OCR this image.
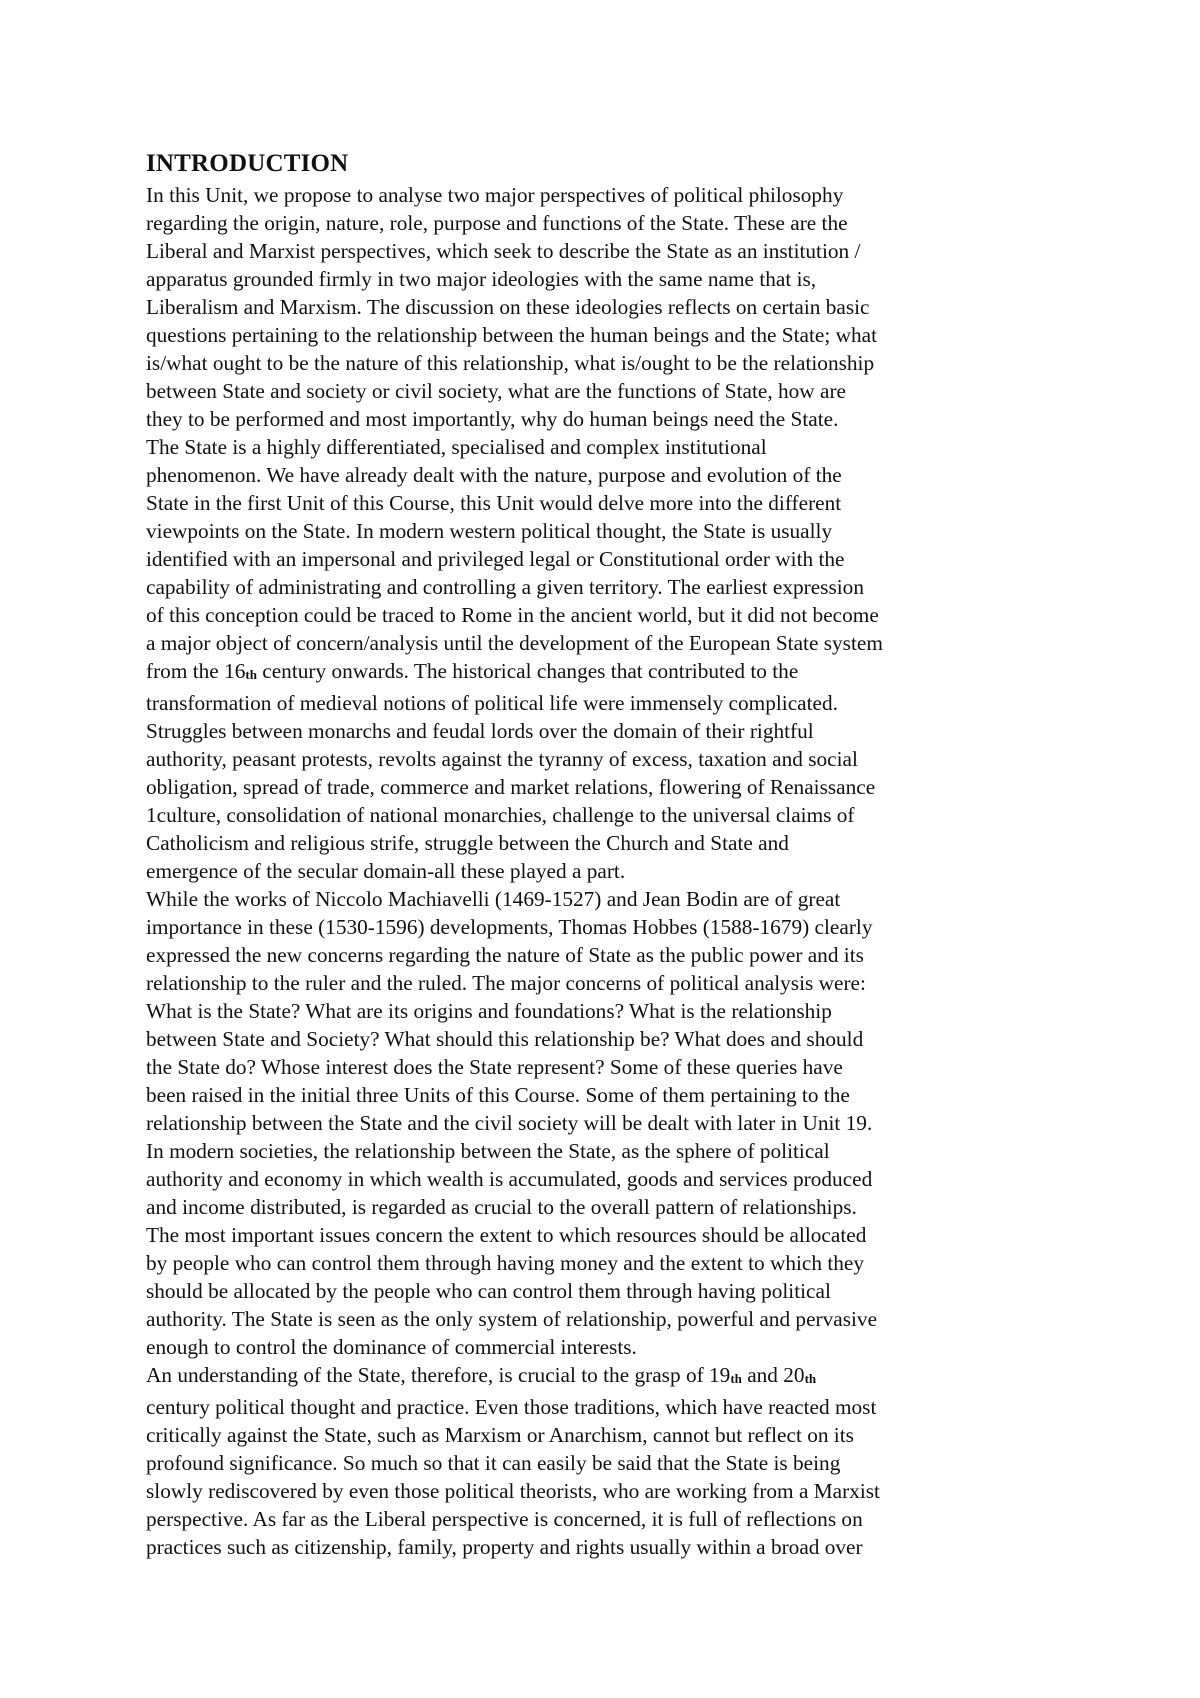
INTRODUCTION

In this Unit, we propose to analyse two major perspectives of political philosophy

regarding the origin, nature, role, purpose and functions of the State. These are the

Liberal and Marxist perspectives, which seek to describe the State as an institution /

apparatus grounded firmly in two major ideologies with the same name that is,

Liberalism and Marxism. The discussion on these ideologies reflects on certain basic

questions pertaining to the relationship between the human beings and the State; what

is/what ought to be the nature of this relationship, what is/ought to be the relationship

between State and society or civil society, what are the functions of State, how are

they to be performed and most importantly, why do human beings need the State.

The State is a highly differentiated, specialised and complex institutional

phenomenon. We have already dealt with the nature, purpose and evolution of the

State in the first Unit of this Course, this Unit would delve more into the different

viewpoints on the State. In modern western political thought, the State is usually

identified with an impersonal and privileged legal or Constitutional order with the

capability of administrating and controlling a given territory. The earliest expression

of this conception could be traced to Rome in the ancient world, but it did not become

a major object of concern/analysis until the development of the European State system

from the 16th century onwards. The historical changes that contributed to the

transformation of medieval notions of political life were immensely complicated.

Struggles between monarchs and feudal lords over the domain of their rightful

authority, peasant protests, revolts against the tyranny of excess, taxation and social

obligation, spread of trade, commerce and market relations, flowering of Renaissance

1culture, consolidation of national monarchies, challenge to the universal claims of

Catholicism and religious strife, struggle between the Church and State and

emergence of the secular domain-all these played a part.

While the works of Niccolo Machiavelli (1469-1527) and Jean Bodin are of great

importance in these (1530-1596) developments, Thomas Hobbes (1588-1679) clearly

expressed the new concerns regarding the nature of State as the public power and its

relationship to the ruler and the ruled. The major concerns of political analysis were:

What is the State? What are its origins and foundations? What is the relationship

between State and Society? What should this relationship be? What does and should

the State do? Whose interest does the State represent? Some of these queries have

been raised in the initial three Units of this Course. Some of them pertaining to the

relationship between the State and the civil society will be dealt with later in Unit 19.

In modern societies, the relationship between the State, as the sphere of political

authority and economy in which wealth is accumulated, goods and services produced

and income distributed, is regarded as crucial to the overall pattern of relationships.

The most important issues concern the extent to which resources should be allocated

by people who can control them through having money and the extent to which they

should be allocated by the people who can control them through having political

authority. The State is seen as the only system of relationship, powerful and pervasive

enough to control the dominance of commercial interests.

An understanding of the State, therefore, is crucial to the grasp of 19th and 20th

century political thought and practice. Even those traditions, which have reacted most

critically against the State, such as Marxism or Anarchism, cannot but reflect on its

profound significance. So much so that it can easily be said that the State is being

slowly rediscovered by even those political theorists, who are working from a Marxist

perspective. As far as the Liberal perspective is concerned, it is full of reflections on

practices such as citizenship, family, property and rights usually within a broad over
